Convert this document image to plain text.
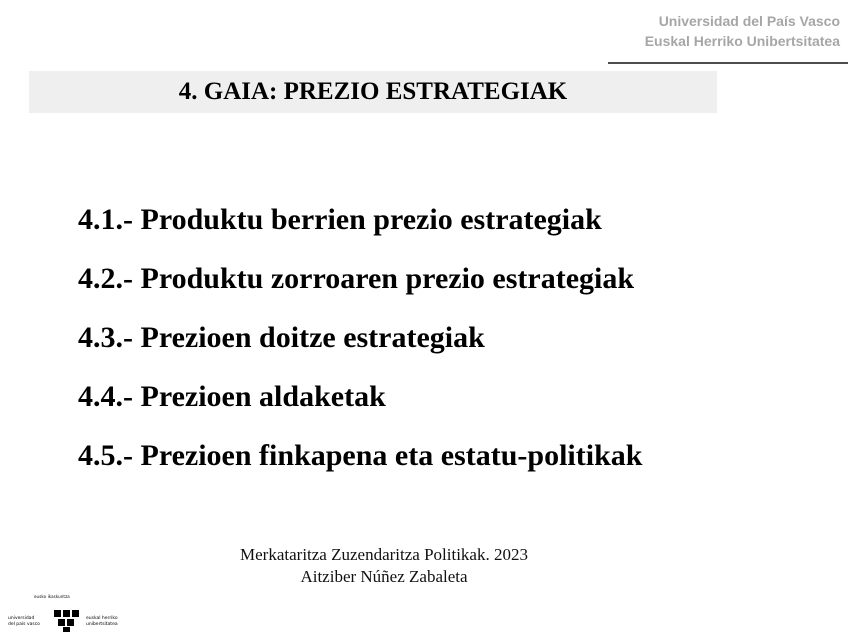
Universidad del País Vasco
Euskal Herriko Unibertsitatea
4. GAIA: PREZIO ESTRATEGIAK
4.1.- Produktu berrien prezio estrategiak
4.2.- Produktu zorroaren prezio estrategiak
4.3.- Prezioen doitze estrategiak
4.4.- Prezioen aldaketak
4.5.- Prezioen finkapena eta estatu-politikak
Merkataritza Zuzendaritza Politikak. 2023
Aitziber Núñez Zabaleta
eusko ikaskuntza
universidad
del país vasco
euskal herriko
unibertsitatea
